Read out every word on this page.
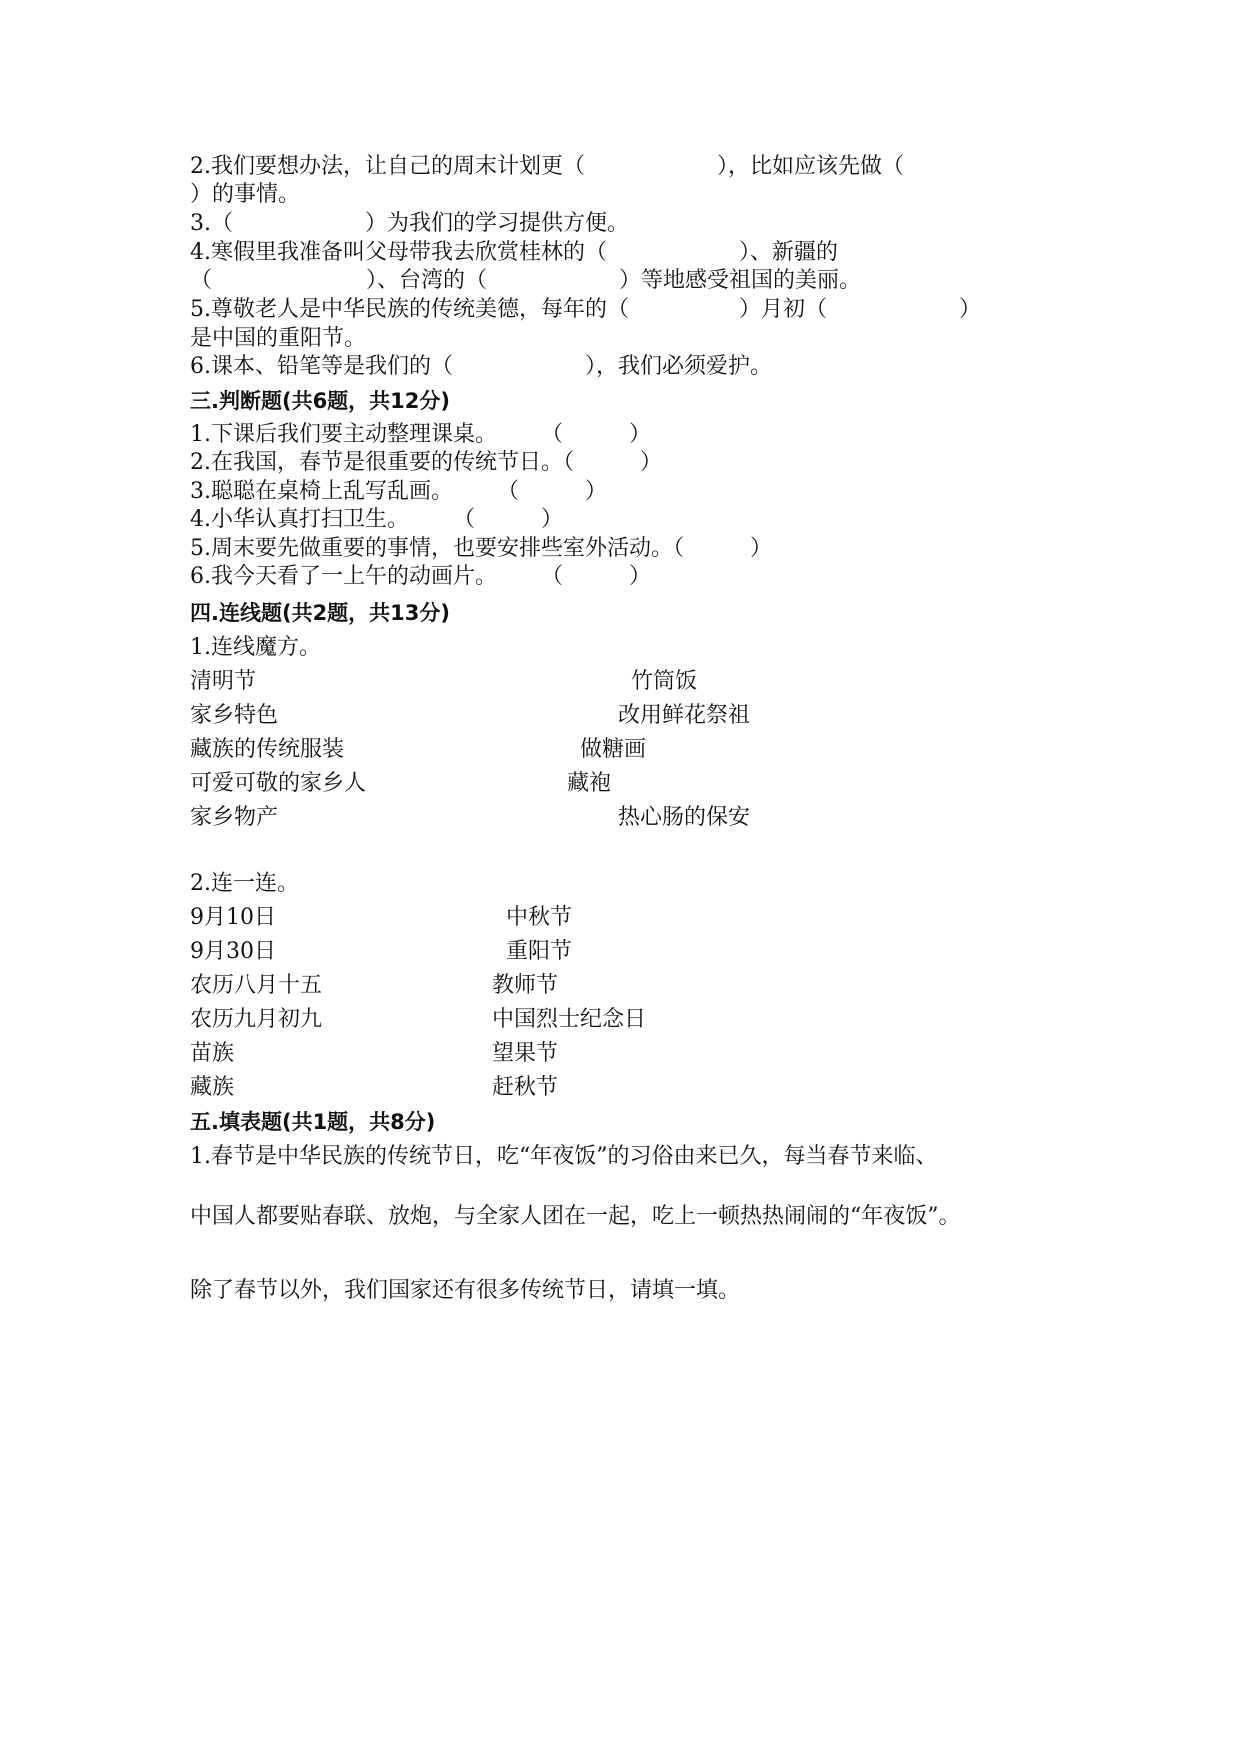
2.我们要想办法，让自己的周末计划更（　　　　　　），比如应该先做（
）的事情。
3.（　　　　　　）为我们的学习提供方便。
4.寒假里我准备叫父母带我去欣赏桂林的（　　　　　　）、新疆的
（　　　　　　　）、台湾的（　　　　　　）等地感受祖国的美丽。
5.尊敬老人是中华民族的传统美德，每年的（　　　　　）月初（　　　　　　）
是中国的重阳节。
6.课本、铅笔等是我们的（　　　　　　），我们必须爱护。
三.判断题(共6题，共12分)
1.下课后我们要主动整理课桌。　　　（　　　）
2.在我国，春节是很重要的传统节日。（　　　）
3.聪聪在桌椅上乱写乱画。　　　（　　　）
4.小华认真打扫卫生。　　　（　　　）
5.周末要先做重要的事情，也要安排些室外活动。（　　　）
6.我今天看了一上午的动画片。　　　（　　　）
四.连线题(共2题，共13分)
1.连线魔方。
清明节	竹筒饭
家乡特色	改用鲜花祭祖
藏族的传统服装	做糖画
可爱可敬的家乡人	藏袍
家乡物产	热心肠的保安
2.连一连。
9月10日	中秋节
9月30日	重阳节
农历八月十五	教师节
农历九月初九	中国烈士纪念日
苗族	望果节
藏族	赶秋节
五.填表题(共1题，共8分)
1.春节是中华民族的传统节日，吃“年夜饭”的习俗由来已久，每当春节来临、
中国人都要贴春联、放炮，与全家人团在一起，吃上一顿热热闹闹的“年夜饭”。
除了春节以外，我们国家还有很多传统节日，请填一填。
